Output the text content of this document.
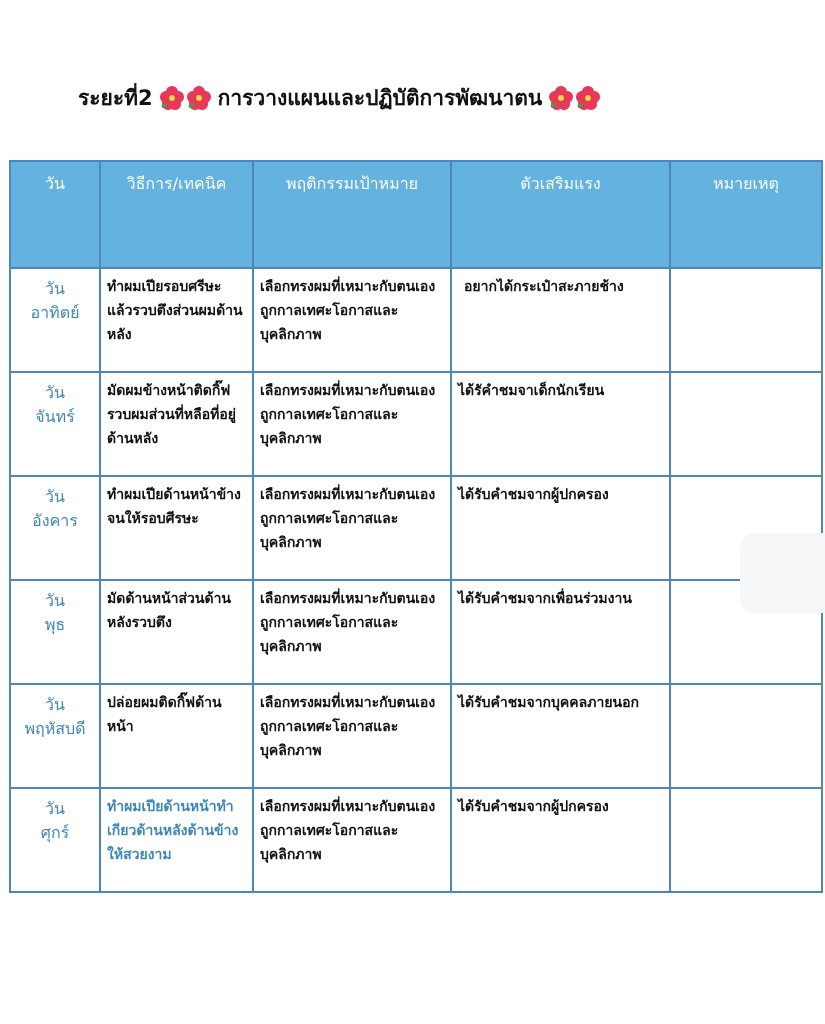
ระยะที่2	การวางแผนและปฏิบัติการพัฒนาตน
วัน	วิธีการ/เทคนิค	พฤติกรรมเป้าหมาย	ตัวเสริมแรง	หมายเหตุ

วัน
อาทิตย์	ทำผมเปียรอบศรีษะแล้วรวบตึงส่วนผมด้านหลัง	เลือกทรงผมที่เหมาะกับตนเองถูกกาลเทศะโอกาสและบุคลิกภาพ	อยากได้กระเป๋าสะภายช้าง	

วัน
จันทร์	มัดผมข้างหน้าติดกิ๊ฟรวบผมส่วนที่หลือที่อยู่ด้านหลัง	เลือกทรงผมที่เหมาะกับตนเองถูกกาลเทศะโอกาสและบุคลิกภาพ	ได้รัคำชมจาเด็กนักเรียน	

วัน
อังคาร	ทำผมเปียด้านหน้าข้างจนให้รอบศีรษะ	เลือกทรงผมที่เหมาะกับตนเองถูกกาลเทศะโอกาสและบุคลิกภาพ	ได้รับคำชมจากผู้ปกครอง	

วัน
พุธ	มัดด้านหน้าส่วนด้านหลังรวบตึง	เลือกทรงผมที่เหมาะกับตนเองถูกกาลเทศะโอกาสและบุคลิกภาพ	ได้รับคำชมจากเพื่อนร่วมงาน	

วัน
พฤหัสบดี	ปล่อยผมติดกิ๊ฟด้านหน้า	เลือกทรงผมที่เหมาะกับตนเองถูกกาลเทศะโอกาสและบุคลิกภาพ	ได้รับคำชมจากบุคคลภายนอก	

วัน
ศุกร์	ทำผมเปียด้านหน้าทำเกียวด้านหลังด้านข้างให้สวยงาม	เลือกทรงผมที่เหมาะกับตนเองถูกกาลเทศะโอกาสและบุคลิกภาพ	ได้รับคำชมจากผู้ปกครอง	
